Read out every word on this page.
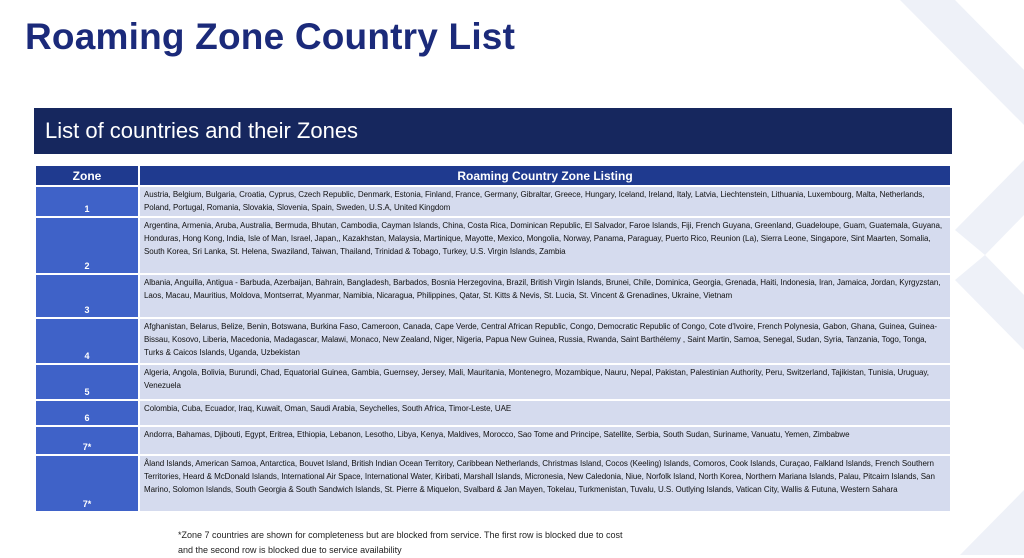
Roaming Zone Country List
List of countries and their Zones
Zone	Roaming Country Zone Listing
1	Austria, Belgium, Bulgaria, Croatia, Cyprus, Czech Republic, Denmark, Estonia, Finland, France, Germany, Gibraltar, Greece, Hungary, Iceland, Ireland, Italy, Latvia, Liechtenstein, Lithuania, Luxembourg, Malta, Netherlands, Poland, Portugal, Romania, Slovakia, Slovenia, Spain, Sweden, U.S.A, United Kingdom
2	Argentina, Armenia, Aruba, Australia, Bermuda, Bhutan, Cambodia, Cayman Islands, China, Costa Rica, Dominican Republic, El Salvador, Faroe Islands, Fiji, French Guyana, Greenland, Guadeloupe, Guam, Guatemala, Guyana, Honduras, Hong Kong, India, Isle of Man, Israel, Japan,, Kazakhstan, Malaysia, Martinique, Mayotte, Mexico, Mongolia, Norway, Panama, Paraguay, Puerto Rico, Reunion (La), Sierra Leone, Singapore, Sint Maarten, Somalia, South Korea, Sri Lanka, St. Helena, Swaziland, Taiwan, Thailand, Trinidad & Tobago, Turkey, U.S. Virgin Islands, Zambia
3	Albania, Anguilla, Antigua - Barbuda, Azerbaijan, Bahrain, Bangladesh, Barbados, Bosnia Herzegovina, Brazil, British Virgin Islands, Brunei, Chile, Dominica, Georgia, Grenada, Haiti, Indonesia, Iran, Jamaica, Jordan, Kyrgyzstan, Laos, Macau, Mauritius, Moldova, Montserrat, Myanmar, Namibia, Nicaragua, Philippines, Qatar, St. Kitts & Nevis, St. Lucia, St. Vincent & Grenadines, Ukraine, Vietnam
4	Afghanistan, Belarus, Belize, Benin, Botswana, Burkina Faso, Cameroon, Canada, Cape Verde, Central African Republic, Congo, Democratic Republic of Congo, Cote d'Ivoire, French Polynesia, Gabon, Ghana, Guinea, Guinea-Bissau, Kosovo, Liberia, Macedonia, Madagascar, Malawi, Monaco, New Zealand, Niger, Nigeria, Papua New Guinea, Russia, Rwanda, Saint Barthélemy , Saint Martin, Samoa, Senegal, Sudan, Syria, Tanzania, Togo, Tonga, Turks & Caicos Islands, Uganda, Uzbekistan
5	Algeria, Angola, Bolivia, Burundi, Chad, Equatorial Guinea, Gambia, Guernsey, Jersey, Mali, Mauritania, Montenegro, Mozambique, Nauru, Nepal, Pakistan, Palestinian Authority, Peru, Switzerland, Tajikistan, Tunisia, Uruguay, Venezuela
6	Colombia, Cuba, Ecuador, Iraq, Kuwait, Oman, Saudi Arabia, Seychelles, South Africa, Timor-Leste, UAE
7*	Andorra, Bahamas, Djibouti, Egypt, Eritrea, Ethiopia, Lebanon, Lesotho, Libya, Kenya, Maldives, Morocco, Sao Tome and Principe, Satellite, Serbia, South Sudan, Suriname, Vanuatu, Yemen, Zimbabwe
7*	Åland Islands, American Samoa, Antarctica, Bouvet Island, British Indian Ocean Territory, Caribbean Netherlands, Christmas Island, Cocos (Keeling) Islands, Comoros, Cook Islands, Curaçao, Falkland Islands, French Southern Territories, Heard & McDonald Islands, International Air Space, International Water, Kiribati, Marshall Islands, Micronesia, New Caledonia, Niue, Norfolk Island, North Korea, Northern Mariana Islands, Palau, Pitcairn Islands, San Marino, Solomon Islands, South Georgia & South Sandwich Islands, St. Pierre & Miquelon, Svalbard & Jan Mayen, Tokelau, Turkmenistan, Tuvalu, U.S. Outlying Islands, Vatican City, Wallis & Futuna, Western Sahara
*Zone 7 countries are shown for completeness but are blocked from service. The first row is blocked due to cost
and the second row is blocked due to service availability
